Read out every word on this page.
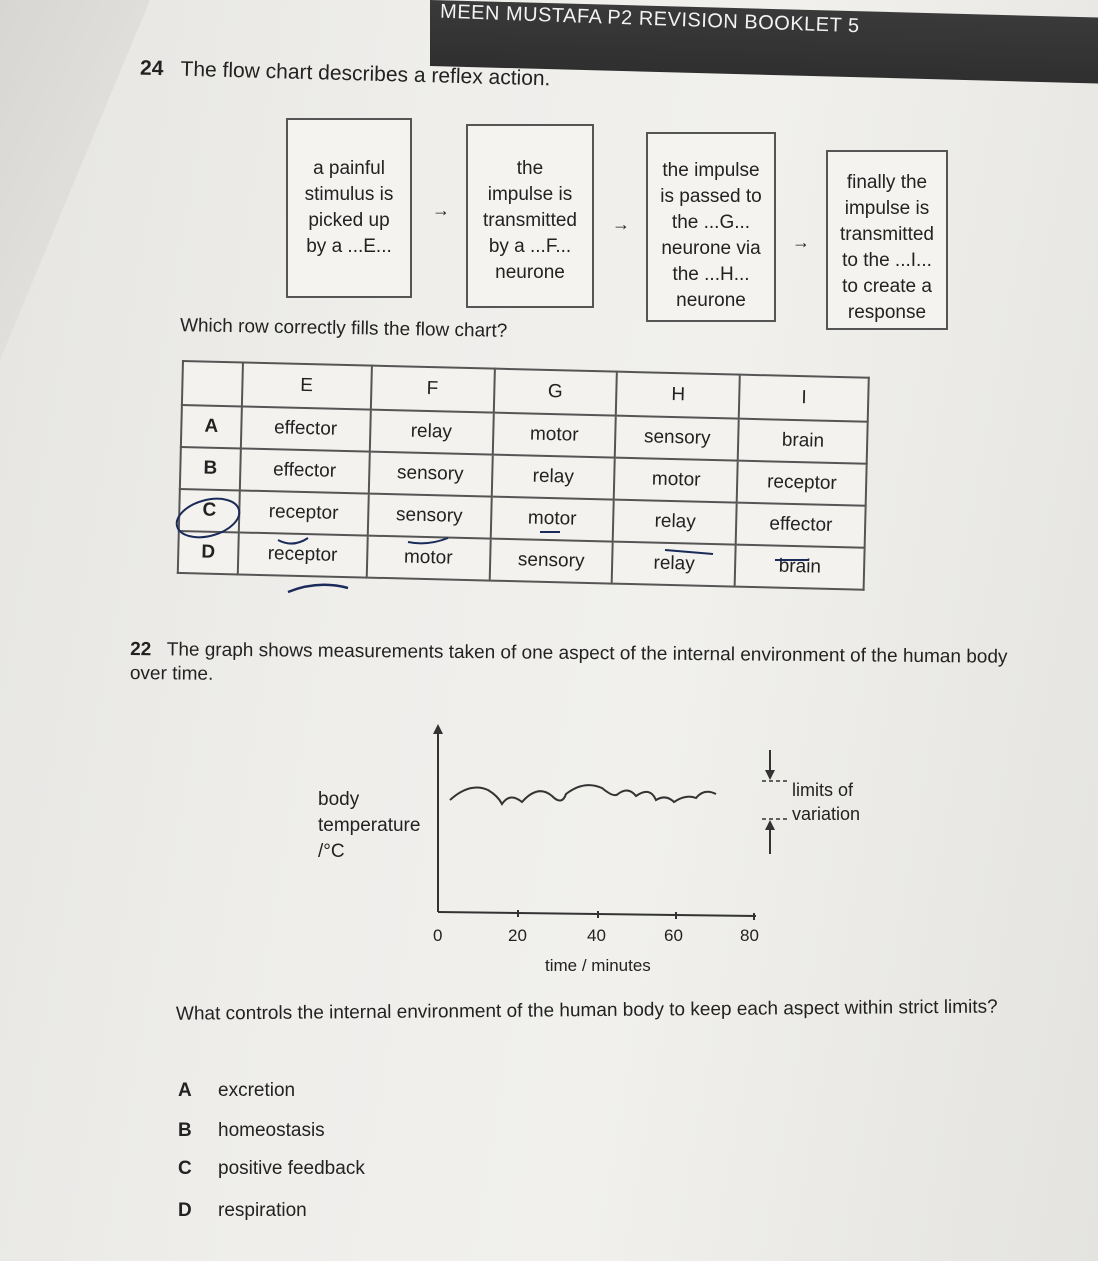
MEEN MUSTAFA P2 REVISION BOOKLET 5
24 The flow chart describes a reflex action.
a painful
stimulus is
picked up
by a ...E...
→
the
impulse is
transmitted
by a ...F...
neurone
→
the impulse
is passed to
the ...G...
neurone via
the ...H...
neurone
→
finally the
impulse is
transmitted
to the ...I...
to create a
response
Which row correctly fills the flow chart?
	E	F	G	H	I
A	effector	relay	motor	sensory	brain
B	effector	sensory	relay	motor	receptor
C	receptor	sensory	motor	relay	effector
D	receptor	motor	sensory	relay	brain
22 The graph shows measurements taken of one aspect of the internal environment of the human body over time.
body
temperature
/°C
limits of
variation
0	20	40	60	80
time / minutes
What controls the internal environment of the human body to keep each aspect within strict limits?
A excretion
B homeostasis
C positive feedback
D respiration
